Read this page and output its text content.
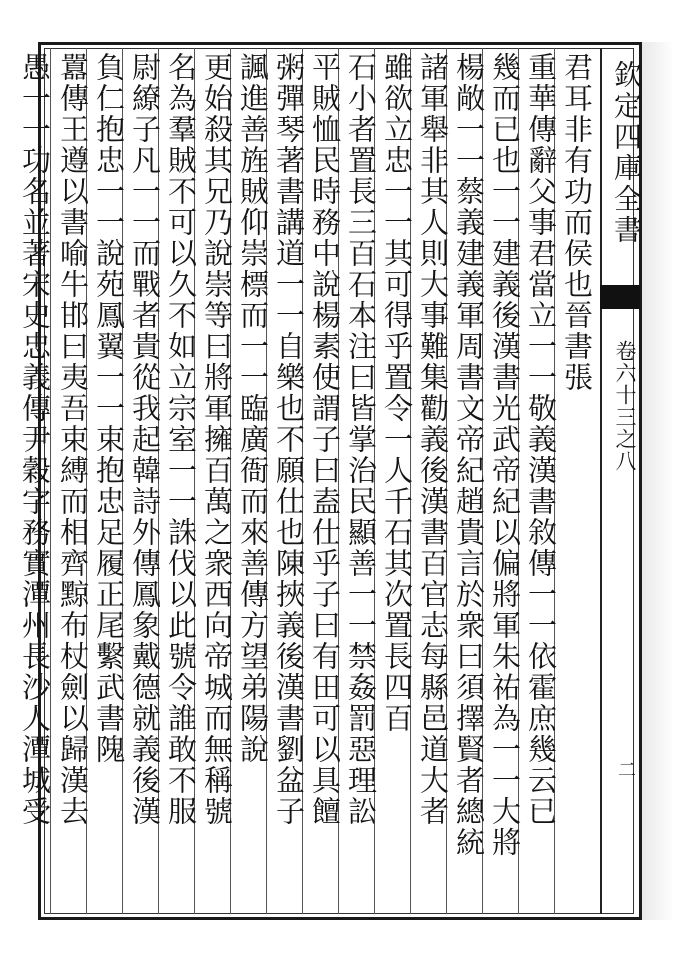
欽定四庫全書
卷六十三之八
二
君耳非有功而侯也晉書張
重華傳辭父事君當立一一敬義漢書敘傳一一依霍庶幾云已
幾而已也一一建義後漢書光武帝紀以偏將軍朱祐為一一大將
楊敞一一蔡義建義軍周書文帝紀趙貴言於衆曰須擇賢者總統
諸軍舉非其人則大事難集勸義後漢書百官志每縣邑道大者
雖欲立忠一一其可得乎置令一人千石其次置長四百
石小者置長三百石本注曰皆掌治民顯善一一禁姦罰惡理訟
平賊恤民時務中說楊素使謂子曰盍仕乎子曰有田可以具饘
粥彈琴著書講道一一自樂也不願仕也陳挾義後漢書劉盆子
諷進善旌賊仰崇標而一一臨廣衙而來善傳方望弟陽說
更始殺其兄乃說崇等曰將軍擁百萬之衆西向帝城而無稱號
名為羣賊不可以久不如立宗室一一誅伐以此號令誰敢不服
尉繚子凡一一而戰者貴從我起韓詩外傳鳳象戴德就義後漢
負仁抱忠一一說苑鳳翼一一束抱忠足履正尾繫武書隗
囂傳王遵以書喻牛邯曰夷吾束縛而相齊黥布杖劍以歸漢去
愚一一功名並著宋史忠義傳尹穀字務實潭州長沙人潭城受
